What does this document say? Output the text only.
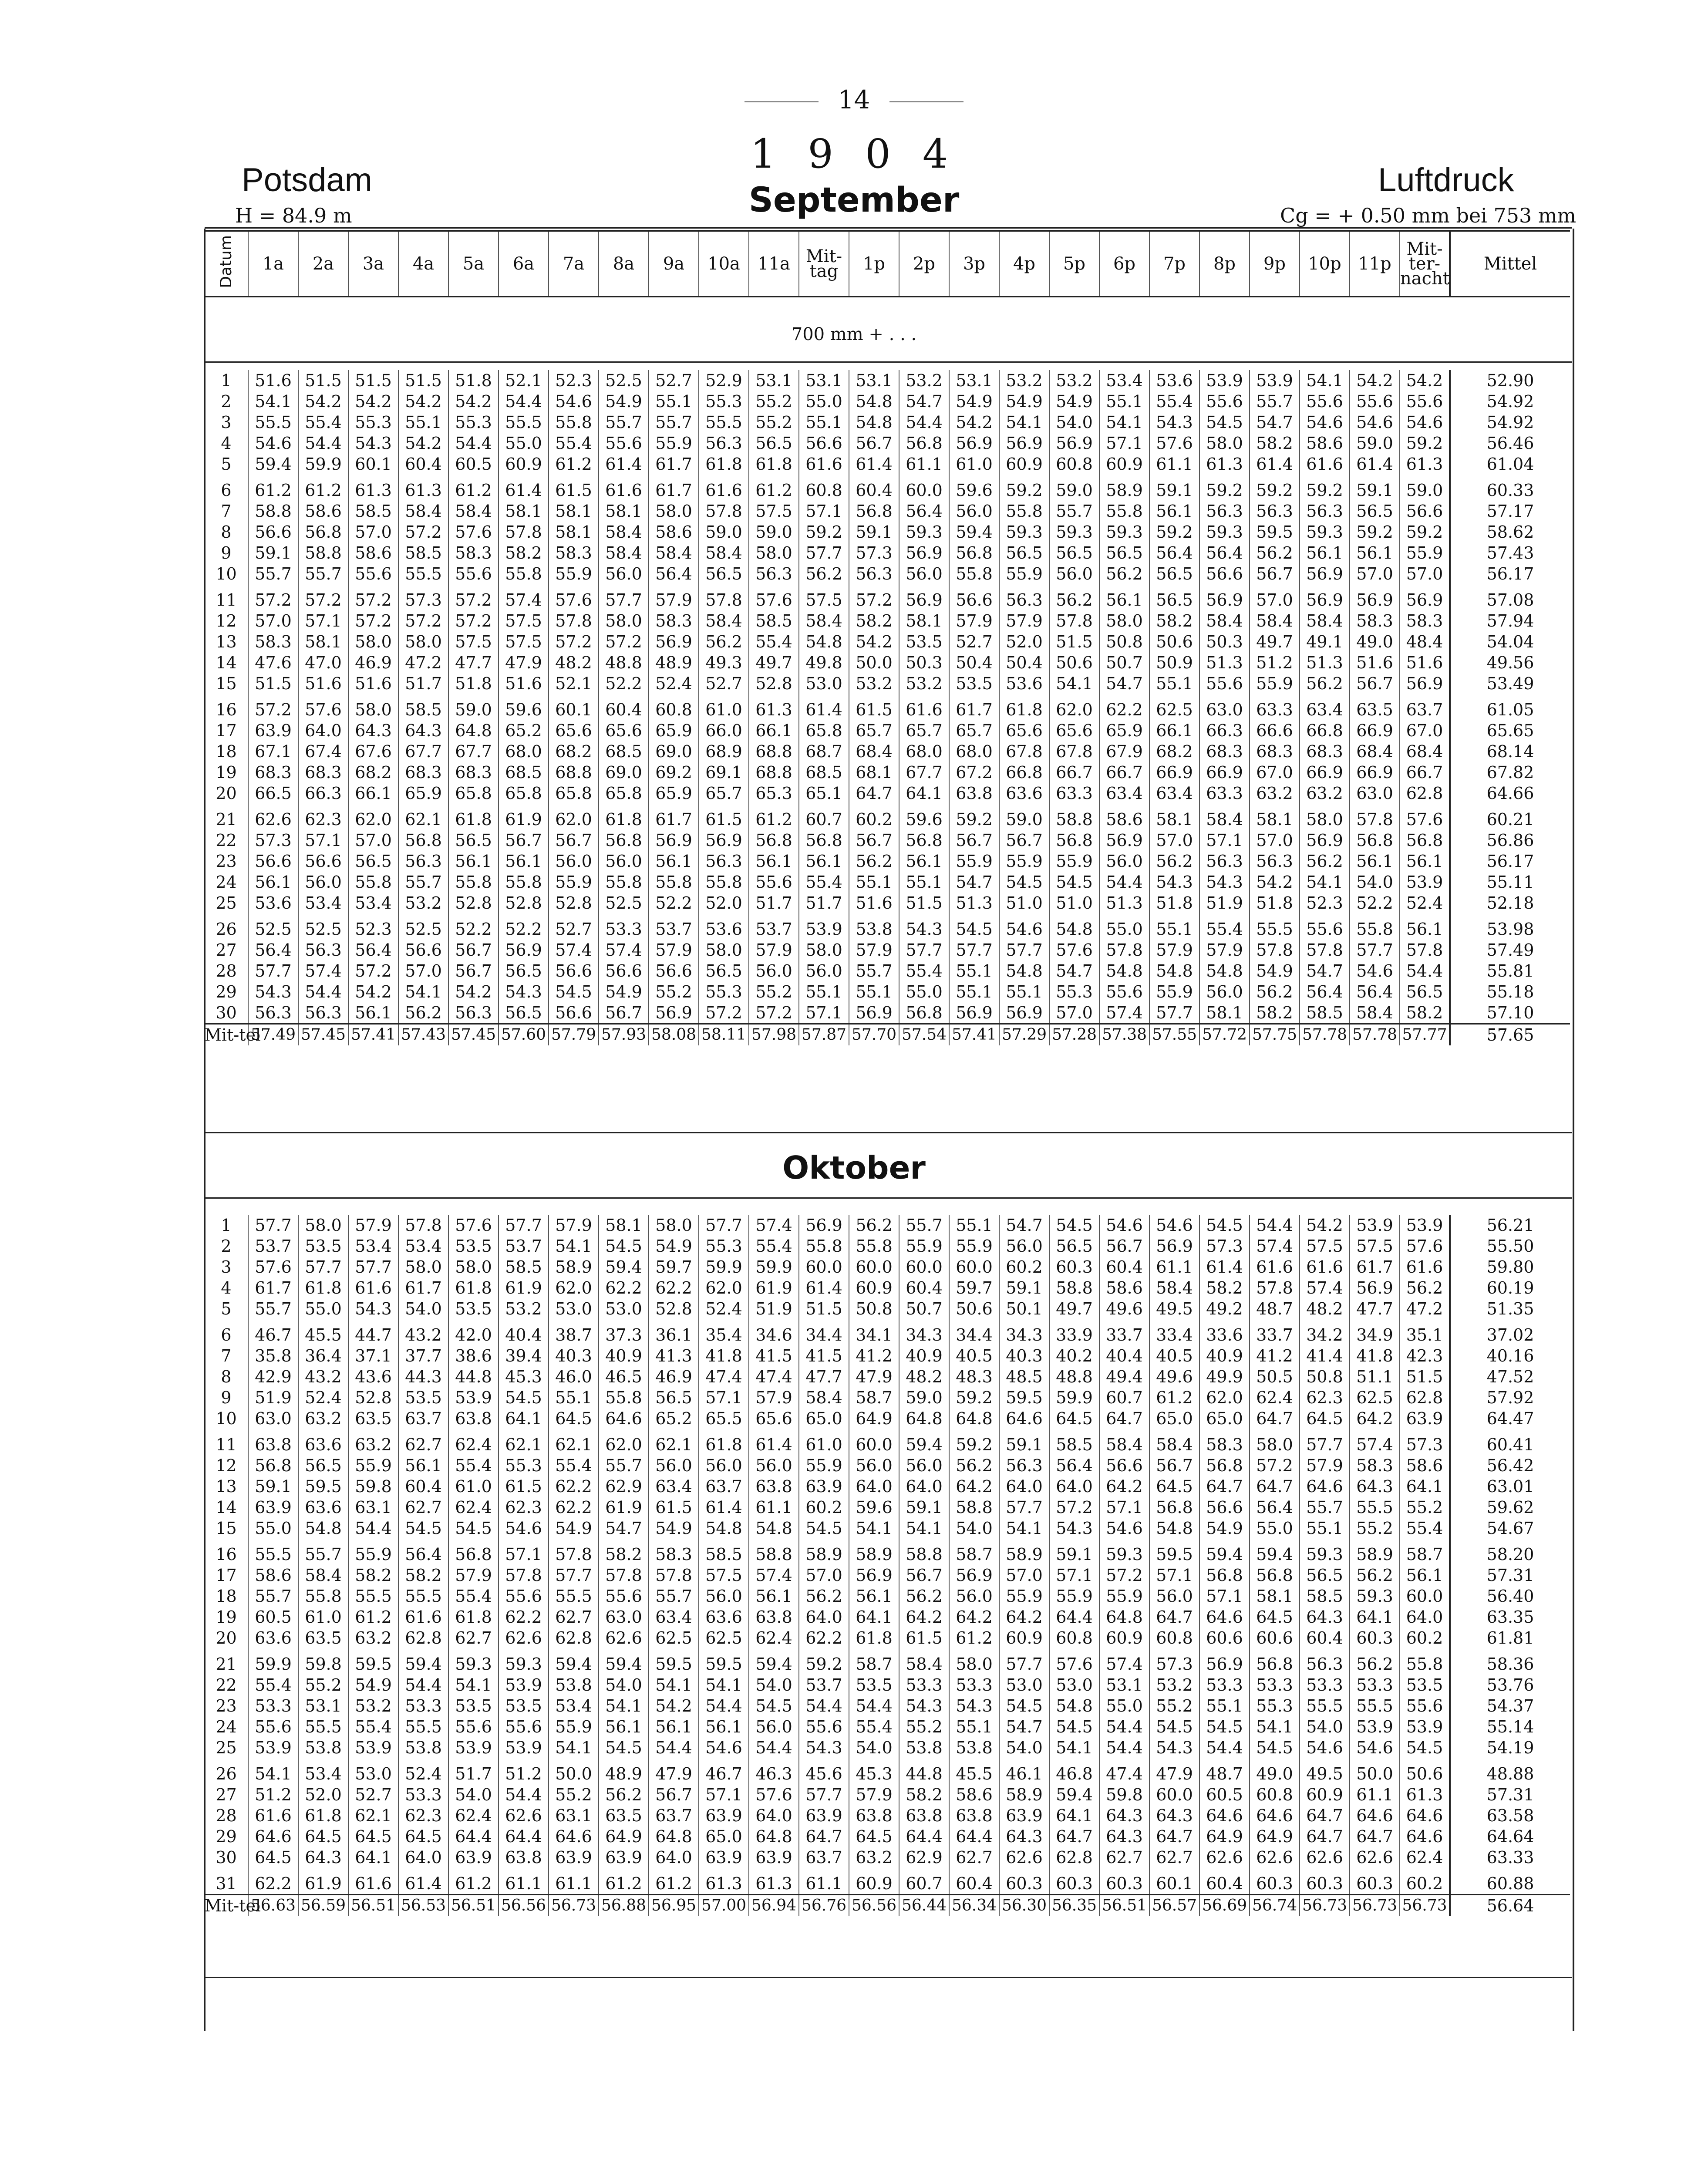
14
1 9 0 4
Potsdam
H = 84.9 m	September
Luftdruck
Cg = + 0.50 mm bei 753 mm
Datum	1a	2a	3a	4a	5a	6a	7a	8a	9a	10a	11a	Mit-tag	1p	2p	3p	4p	5p	6p	7p	8p	9p	10p	11p	Mit-ter-nacht	Mittel
700 mm + . . .
1	51.6	51.5	51.5	51.5	51.8	52.1	52.3	52.5	52.7	52.9	53.1	53.1	53.1	53.2	53.1	53.2	53.2	53.4	53.6	53.9	53.9	54.1	54.2	54.2	52.90
2	54.1	54.2	54.2	54.2	54.2	54.4	54.6	54.9	55.1	55.3	55.2	55.0	54.8	54.7	54.9	54.9	54.9	55.1	55.4	55.6	55.7	55.6	55.6	55.6	54.92
3	55.5	55.4	55.3	55.1	55.3	55.5	55.8	55.7	55.7	55.5	55.2	55.1	54.8	54.4	54.2	54.1	54.0	54.1	54.3	54.5	54.7	54.6	54.6	54.6	54.92
4	54.6	54.4	54.3	54.2	54.4	55.0	55.4	55.6	55.9	56.3	56.5	56.6	56.7	56.8	56.9	56.9	56.9	57.1	57.6	58.0	58.2	58.6	59.0	59.2	56.46
5	59.4	59.9	60.1	60.4	60.5	60.9	61.2	61.4	61.7	61.8	61.8	61.6	61.4	61.1	61.0	60.9	60.8	60.9	61.1	61.3	61.4	61.6	61.4	61.3	61.04

6	61.2	61.2	61.3	61.3	61.2	61.4	61.5	61.6	61.7	61.6	61.2	60.8	60.4	60.0	59.6	59.2	59.0	58.9	59.1	59.2	59.2	59.2	59.1	59.0	60.33
7	58.8	58.6	58.5	58.4	58.4	58.1	58.1	58.1	58.0	57.8	57.5	57.1	56.8	56.4	56.0	55.8	55.7	55.8	56.1	56.3	56.3	56.3	56.5	56.6	57.17
8	56.6	56.8	57.0	57.2	57.6	57.8	58.1	58.4	58.6	59.0	59.0	59.2	59.1	59.3	59.4	59.3	59.3	59.3	59.2	59.3	59.5	59.3	59.2	59.2	58.62
9	59.1	58.8	58.6	58.5	58.3	58.2	58.3	58.4	58.4	58.4	58.0	57.7	57.3	56.9	56.8	56.5	56.5	56.5	56.4	56.4	56.2	56.1	56.1	55.9	57.43
10	55.7	55.7	55.6	55.5	55.6	55.8	55.9	56.0	56.4	56.5	56.3	56.2	56.3	56.0	55.8	55.9	56.0	56.2	56.5	56.6	56.7	56.9	57.0	57.0	56.17

11	57.2	57.2	57.2	57.3	57.2	57.4	57.6	57.7	57.9	57.8	57.6	57.5	57.2	56.9	56.6	56.3	56.2	56.1	56.5	56.9	57.0	56.9	56.9	56.9	57.08
12	57.0	57.1	57.2	57.2	57.2	57.5	57.8	58.0	58.3	58.4	58.5	58.4	58.2	58.1	57.9	57.9	57.8	58.0	58.2	58.4	58.4	58.4	58.3	58.3	57.94
13	58.3	58.1	58.0	58.0	57.5	57.5	57.2	57.2	56.9	56.2	55.4	54.8	54.2	53.5	52.7	52.0	51.5	50.8	50.6	50.3	49.7	49.1	49.0	48.4	54.04
14	47.6	47.0	46.9	47.2	47.7	47.9	48.2	48.8	48.9	49.3	49.7	49.8	50.0	50.3	50.4	50.4	50.6	50.7	50.9	51.3	51.2	51.3	51.6	51.6	49.56
15	51.5	51.6	51.6	51.7	51.8	51.6	52.1	52.2	52.4	52.7	52.8	53.0	53.2	53.2	53.5	53.6	54.1	54.7	55.1	55.6	55.9	56.2	56.7	56.9	53.49

16	57.2	57.6	58.0	58.5	59.0	59.6	60.1	60.4	60.8	61.0	61.3	61.4	61.5	61.6	61.7	61.8	62.0	62.2	62.5	63.0	63.3	63.4	63.5	63.7	61.05
17	63.9	64.0	64.3	64.3	64.8	65.2	65.6	65.6	65.9	66.0	66.1	65.8	65.7	65.7	65.7	65.6	65.6	65.9	66.1	66.3	66.6	66.8	66.9	67.0	65.65
18	67.1	67.4	67.6	67.7	67.7	68.0	68.2	68.5	69.0	68.9	68.8	68.7	68.4	68.0	68.0	67.8	67.8	67.9	68.2	68.3	68.3	68.3	68.4	68.4	68.14
19	68.3	68.3	68.2	68.3	68.3	68.5	68.8	69.0	69.2	69.1	68.8	68.5	68.1	67.7	67.2	66.8	66.7	66.7	66.9	66.9	67.0	66.9	66.9	66.7	67.82
20	66.5	66.3	66.1	65.9	65.8	65.8	65.8	65.8	65.9	65.7	65.3	65.1	64.7	64.1	63.8	63.6	63.3	63.4	63.4	63.3	63.2	63.2	63.0	62.8	64.66

21	62.6	62.3	62.0	62.1	61.8	61.9	62.0	61.8	61.7	61.5	61.2	60.7	60.2	59.6	59.2	59.0	58.8	58.6	58.1	58.4	58.1	58.0	57.8	57.6	60.21
22	57.3	57.1	57.0	56.8	56.5	56.7	56.7	56.8	56.9	56.9	56.8	56.8	56.7	56.8	56.7	56.7	56.8	56.9	57.0	57.1	57.0	56.9	56.8	56.8	56.86
23	56.6	56.6	56.5	56.3	56.1	56.1	56.0	56.0	56.1	56.3	56.1	56.1	56.2	56.1	55.9	55.9	55.9	56.0	56.2	56.3	56.3	56.2	56.1	56.1	56.17
24	56.1	56.0	55.8	55.7	55.8	55.8	55.9	55.8	55.8	55.8	55.6	55.4	55.1	55.1	54.7	54.5	54.5	54.4	54.3	54.3	54.2	54.1	54.0	53.9	55.11
25	53.6	53.4	53.4	53.2	52.8	52.8	52.8	52.5	52.2	52.0	51.7	51.7	51.6	51.5	51.3	51.0	51.0	51.3	51.8	51.9	51.8	52.3	52.2	52.4	52.18

26	52.5	52.5	52.3	52.5	52.2	52.2	52.7	53.3	53.7	53.6	53.7	53.9	53.8	54.3	54.5	54.6	54.8	55.0	55.1	55.4	55.5	55.6	55.8	56.1	53.98
27	56.4	56.3	56.4	56.6	56.7	56.9	57.4	57.4	57.9	58.0	57.9	58.0	57.9	57.7	57.7	57.7	57.6	57.8	57.9	57.9	57.8	57.8	57.7	57.8	57.49
28	57.7	57.4	57.2	57.0	56.7	56.5	56.6	56.6	56.6	56.5	56.0	56.0	55.7	55.4	55.1	54.8	54.7	54.8	54.8	54.8	54.9	54.7	54.6	54.4	55.81
29	54.3	54.4	54.2	54.1	54.2	54.3	54.5	54.9	55.2	55.3	55.2	55.1	55.1	55.0	55.1	55.1	55.3	55.6	55.9	56.0	56.2	56.4	56.4	56.5	55.18
30	56.3	56.3	56.1	56.2	56.3	56.5	56.6	56.7	56.9	57.2	57.2	57.1	56.9	56.8	56.9	56.9	57.0	57.4	57.7	58.1	58.2	58.5	58.4	58.2	57.10
Mit-tel	57.49	57.45	57.41	57.43	57.45	57.60	57.79	57.93	58.08	58.11	57.98	57.87	57.70	57.54	57.41	57.29	57.28	57.38	57.55	57.72	57.75	57.78	57.78	57.77	57.65
Oktober
1	57.7	58.0	57.9	57.8	57.6	57.7	57.9	58.1	58.0	57.7	57.4	56.9	56.2	55.7	55.1	54.7	54.5	54.6	54.6	54.5	54.4	54.2	53.9	53.9	56.21
2	53.7	53.5	53.4	53.4	53.5	53.7	54.1	54.5	54.9	55.3	55.4	55.8	55.8	55.9	55.9	56.0	56.5	56.7	56.9	57.3	57.4	57.5	57.5	57.6	55.50
3	57.6	57.7	57.7	58.0	58.0	58.5	58.9	59.4	59.7	59.9	59.9	60.0	60.0	60.0	60.0	60.2	60.3	60.4	61.1	61.4	61.6	61.6	61.7	61.6	59.80
4	61.7	61.8	61.6	61.7	61.8	61.9	62.0	62.2	62.2	62.0	61.9	61.4	60.9	60.4	59.7	59.1	58.8	58.6	58.4	58.2	57.8	57.4	56.9	56.2	60.19
5	55.7	55.0	54.3	54.0	53.5	53.2	53.0	53.0	52.8	52.4	51.9	51.5	50.8	50.7	50.6	50.1	49.7	49.6	49.5	49.2	48.7	48.2	47.7	47.2	51.35

6	46.7	45.5	44.7	43.2	42.0	40.4	38.7	37.3	36.1	35.4	34.6	34.4	34.1	34.3	34.4	34.3	33.9	33.7	33.4	33.6	33.7	34.2	34.9	35.1	37.02
7	35.8	36.4	37.1	37.7	38.6	39.4	40.3	40.9	41.3	41.8	41.5	41.5	41.2	40.9	40.5	40.3	40.2	40.4	40.5	40.9	41.2	41.4	41.8	42.3	40.16
8	42.9	43.2	43.6	44.3	44.8	45.3	46.0	46.5	46.9	47.4	47.4	47.7	47.9	48.2	48.3	48.5	48.8	49.4	49.6	49.9	50.5	50.8	51.1	51.5	47.52
9	51.9	52.4	52.8	53.5	53.9	54.5	55.1	55.8	56.5	57.1	57.9	58.4	58.7	59.0	59.2	59.5	59.9	60.7	61.2	62.0	62.4	62.3	62.5	62.8	57.92
10	63.0	63.2	63.5	63.7	63.8	64.1	64.5	64.6	65.2	65.5	65.6	65.0	64.9	64.8	64.8	64.6	64.5	64.7	65.0	65.0	64.7	64.5	64.2	63.9	64.47

11	63.8	63.6	63.2	62.7	62.4	62.1	62.1	62.0	62.1	61.8	61.4	61.0	60.0	59.4	59.2	59.1	58.5	58.4	58.4	58.3	58.0	57.7	57.4	57.3	60.41
12	56.8	56.5	55.9	56.1	55.4	55.3	55.4	55.7	56.0	56.0	56.0	55.9	56.0	56.0	56.2	56.3	56.4	56.6	56.7	56.8	57.2	57.9	58.3	58.6	56.42
13	59.1	59.5	59.8	60.4	61.0	61.5	62.2	62.9	63.4	63.7	63.8	63.9	64.0	64.0	64.2	64.0	64.0	64.2	64.5	64.7	64.7	64.6	64.3	64.1	63.01
14	63.9	63.6	63.1	62.7	62.4	62.3	62.2	61.9	61.5	61.4	61.1	60.2	59.6	59.1	58.8	57.7	57.2	57.1	56.8	56.6	56.4	55.7	55.5	55.2	59.62
15	55.0	54.8	54.4	54.5	54.5	54.6	54.9	54.7	54.9	54.8	54.8	54.5	54.1	54.1	54.0	54.1	54.3	54.6	54.8	54.9	55.0	55.1	55.2	55.4	54.67

16	55.5	55.7	55.9	56.4	56.8	57.1	57.8	58.2	58.3	58.5	58.8	58.9	58.9	58.8	58.7	58.9	59.1	59.3	59.5	59.4	59.4	59.3	58.9	58.7	58.20
17	58.6	58.4	58.2	58.2	57.9	57.8	57.7	57.8	57.8	57.5	57.4	57.0	56.9	56.7	56.9	57.0	57.1	57.2	57.1	56.8	56.8	56.5	56.2	56.1	57.31
18	55.7	55.8	55.5	55.5	55.4	55.6	55.5	55.6	55.7	56.0	56.1	56.2	56.1	56.2	56.0	55.9	55.9	55.9	56.0	57.1	58.1	58.5	59.3	60.0	56.40
19	60.5	61.0	61.2	61.6	61.8	62.2	62.7	63.0	63.4	63.6	63.8	64.0	64.1	64.2	64.2	64.2	64.4	64.8	64.7	64.6	64.5	64.3	64.1	64.0	63.35
20	63.6	63.5	63.2	62.8	62.7	62.6	62.8	62.6	62.5	62.5	62.4	62.2	61.8	61.5	61.2	60.9	60.8	60.9	60.8	60.6	60.6	60.4	60.3	60.2	61.81

21	59.9	59.8	59.5	59.4	59.3	59.3	59.4	59.4	59.5	59.5	59.4	59.2	58.7	58.4	58.0	57.7	57.6	57.4	57.3	56.9	56.8	56.3	56.2	55.8	58.36
22	55.4	55.2	54.9	54.4	54.1	53.9	53.8	54.0	54.1	54.1	54.0	53.7	53.5	53.3	53.3	53.0	53.0	53.1	53.2	53.3	53.3	53.3	53.3	53.5	53.76
23	53.3	53.1	53.2	53.3	53.5	53.5	53.4	54.1	54.2	54.4	54.5	54.4	54.4	54.3	54.3	54.5	54.8	55.0	55.2	55.1	55.3	55.5	55.5	55.6	54.37
24	55.6	55.5	55.4	55.5	55.6	55.6	55.9	56.1	56.1	56.1	56.0	55.6	55.4	55.2	55.1	54.7	54.5	54.4	54.5	54.5	54.1	54.0	53.9	53.9	55.14
25	53.9	53.8	53.9	53.8	53.9	53.9	54.1	54.5	54.4	54.6	54.4	54.3	54.0	53.8	53.8	54.0	54.1	54.4	54.3	54.4	54.5	54.6	54.6	54.5	54.19

26	54.1	53.4	53.0	52.4	51.7	51.2	50.0	48.9	47.9	46.7	46.3	45.6	45.3	44.8	45.5	46.1	46.8	47.4	47.9	48.7	49.0	49.5	50.0	50.6	48.88
27	51.2	52.0	52.7	53.3	54.0	54.4	55.2	56.2	56.7	57.1	57.6	57.7	57.9	58.2	58.6	58.9	59.4	59.8	60.0	60.5	60.8	60.9	61.1	61.3	57.31
28	61.6	61.8	62.1	62.3	62.4	62.6	63.1	63.5	63.7	63.9	64.0	63.9	63.8	63.8	63.8	63.9	64.1	64.3	64.3	64.6	64.6	64.7	64.6	64.6	63.58
29	64.6	64.5	64.5	64.5	64.4	64.4	64.6	64.9	64.8	65.0	64.8	64.7	64.5	64.4	64.4	64.3	64.7	64.3	64.7	64.9	64.9	64.7	64.7	64.6	64.64
30	64.5	64.3	64.1	64.0	63.9	63.8	63.9	63.9	64.0	63.9	63.9	63.7	63.2	62.9	62.7	62.6	62.8	62.7	62.7	62.6	62.6	62.6	62.6	62.4	63.33

31	62.2	61.9	61.6	61.4	61.2	61.1	61.1	61.2	61.2	61.3	61.3	61.1	60.9	60.7	60.4	60.3	60.3	60.3	60.1	60.4	60.3	60.3	60.3	60.2	60.88
Mit-tel	56.63	56.59	56.51	56.53	56.51	56.56	56.73	56.88	56.95	57.00	56.94	56.76	56.56	56.44	56.34	56.30	56.35	56.51	56.57	56.69	56.74	56.73	56.73	56.73	56.64
